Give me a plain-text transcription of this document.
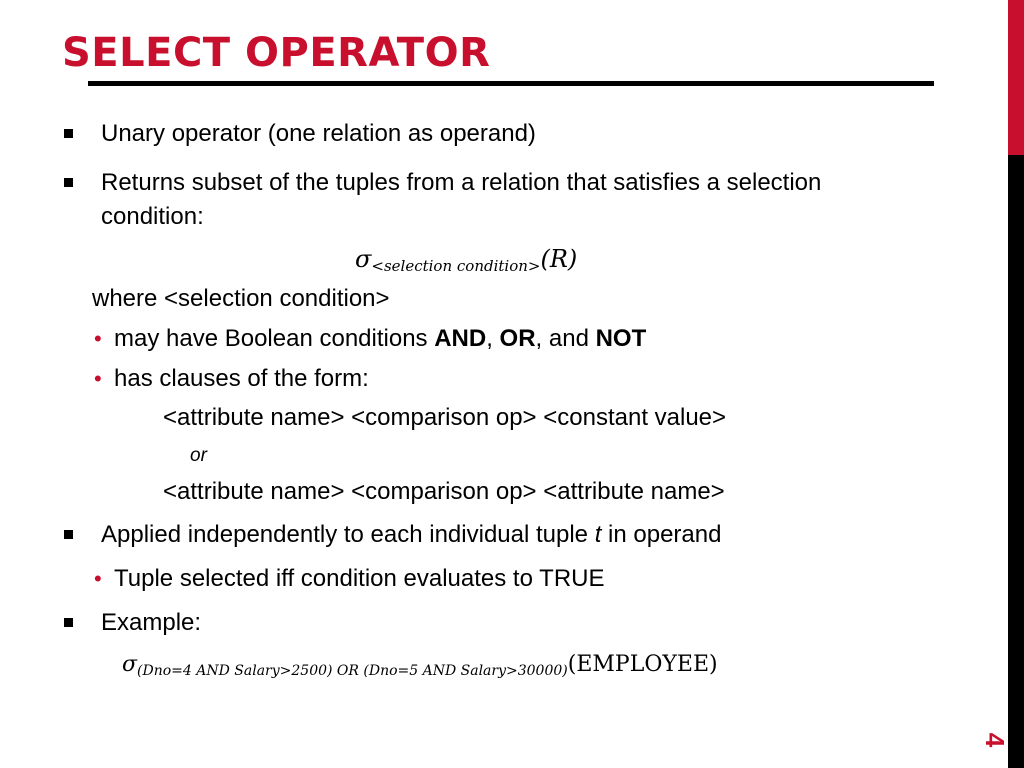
SELECT OPERATOR
4
Unary operator (one relation as operand)
Returns subset of the tuples from a relation that satisfies a selection
condition:
$\sigma_{<selection condition>}(R)$
where <selection condition>
• may have Boolean conditions AND, OR, and NOT
• has clauses of the form:
<attribute name> <comparison op> <constant value>
or
<attribute name> <comparison op> <attribute name>
Applied independently to each individual tuple t in operand
• Tuple selected iff condition evaluates to TRUE
Example:
$\sigma_{(Dno=4 AND Salary>2500) OR (Dno=5 AND Salary>30000)}(EMPLOYEE)$
